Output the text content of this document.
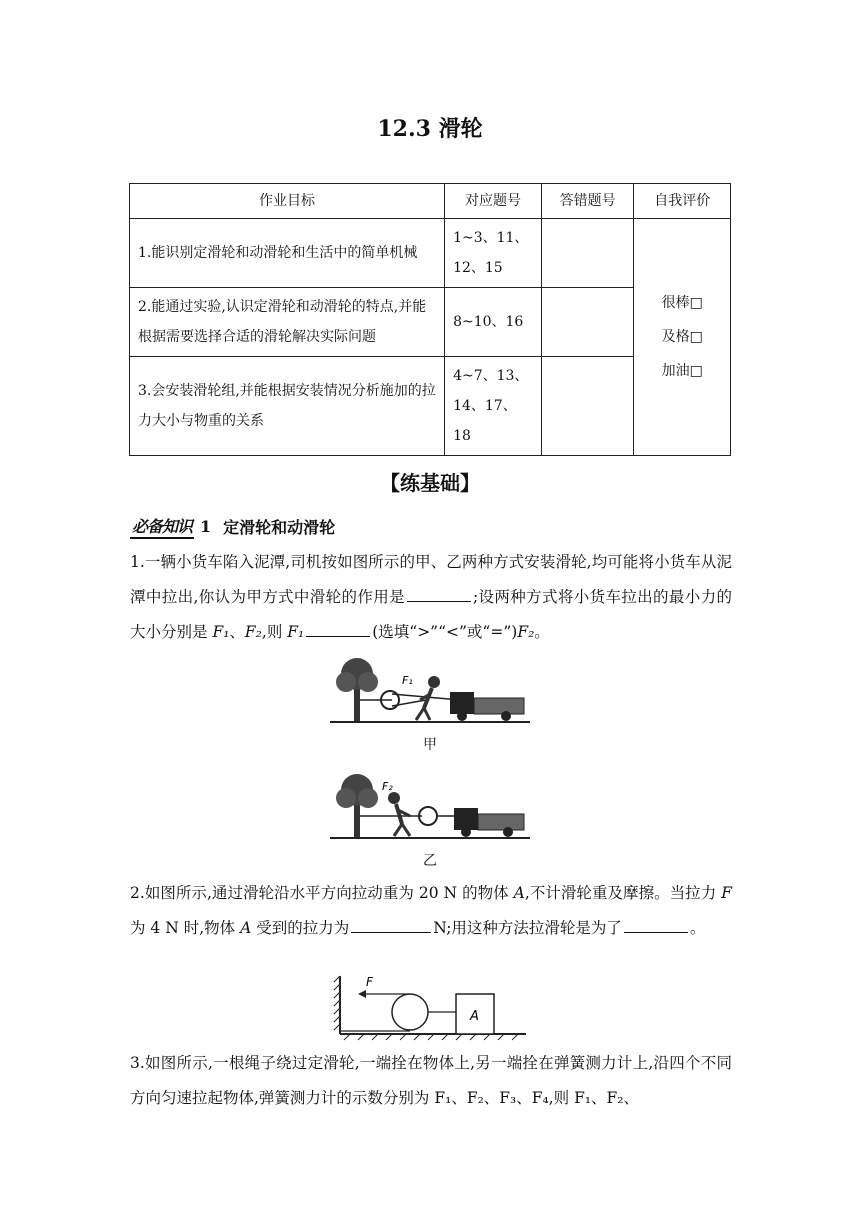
12.3 滑轮
作业目标	对应题号	答错题号	自我评价
1.能识别定滑轮和动滑轮和生活中的简单机械	1~3、11、12、15		很棒□
及格□
加油□

2.能通过实验,认识定滑轮和动滑轮的特点,并能根据需要选择合适的滑轮解决实际问题	8~10、16		
3.会安装滑轮组,并能根据安装情况分析施加的拉力大小与物重的关系	4~7、13、14、17、18		
【练基础】
必备知识 1 定滑轮和动滑轮
1.一辆小货车陷入泥潭,司机按如图所示的甲、乙两种方式安装滑轮,均可能将小货车从泥潭中拉出,你认为甲方式中滑轮的作用是	;设两种方式将小货车拉出的最小力的大小分别是 F₁、F₂,则 F₁	(选填“>”“<”或“=”)F₂。
F₁
甲
F₂
乙
2.如图所示,通过滑轮沿水平方向拉动重为 20 N 的物体 A,不计滑轮重及摩擦。当拉力 F 为 4 N 时,物体 A 受到的拉力为	N;用这种方法拉滑轮是为了	。
A
F
3.如图所示,一根绳子绕过定滑轮,一端拴在物体上,另一端拴在弹簧测力计上,沿四个不同方向匀速拉起物体,弹簧测力计的示数分别为 F₁、F₂、F₃、F₄,则 F₁、F₂、
